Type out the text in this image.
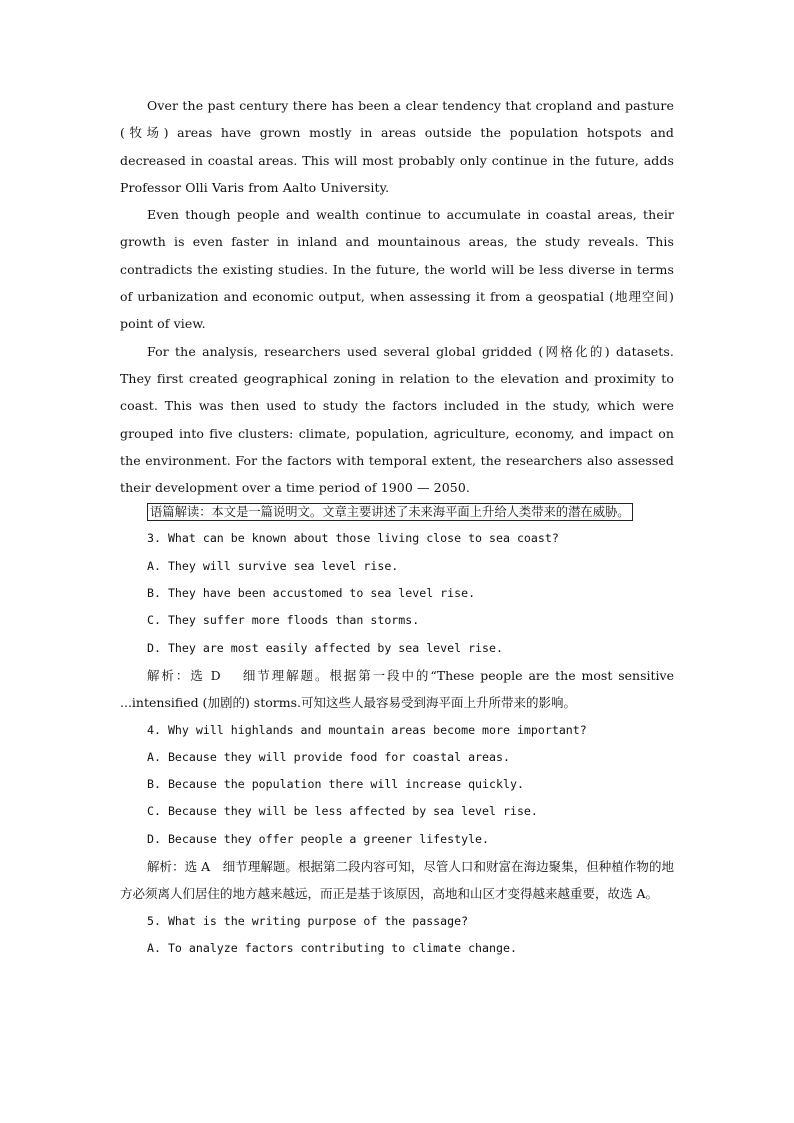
Over the past century there has been a clear tendency that cropland and pasture (牧场) areas have grown mostly in areas outside the population hotspots and decreased in coastal areas. This will most probably only continue in the future, adds Professor Olli Varis from Aalto University.

Even though people and wealth continue to accumulate in coastal areas, their growth is even faster in inland and mountainous areas, the study reveals. This contradicts the existing studies. In the future, the world will be less diverse in terms of urbanization and economic output, when assessing it from a geospatial (地理空间) point of view.

For the analysis, researchers used several global gridded (网格化的) datasets. They first created geographical zoning in relation to the elevation and proximity to coast. This was then used to study the factors included in the study, which were grouped into five clusters: climate, population, agriculture, economy, and impact on the environment. For the factors with temporal extent, the researchers also assessed their development over a time period of 1900 — 2050.

语篇解读：本文是一篇说明文。文章主要讲述了未来海平面上升给人类带来的潜在威胁。

3. What can be known about those living close to sea coast?

A. They will survive sea level rise.

B. They have been accustomed to sea level rise.

C. They suffer more floods than storms.

D. They are most easily affected by sea level rise.

解析：选 D　 细节理解题。根据第一段中的“These people are the most sensitive ...intensified (加剧的) storms.可知这些人最容易受到海平面上升所带来的影响。

4. Why will highlands and mountain areas become more important?

A. Because they will provide food for coastal areas.

B. Because the population there will increase quickly.

C. Because they will be less affected by sea level rise.

D. Because they offer people a greener lifestyle.

解析：选 A　细节理解题。根据第二段内容可知，尽管人口和财富在海边聚集，但种植作物的地方必须离人们居住的地方越来越远，而正是基于该原因，高地和山区才变得越来越重要，故选 A。

5. What is the writing purpose of the passage?

A. To analyze factors contributing to climate change.
